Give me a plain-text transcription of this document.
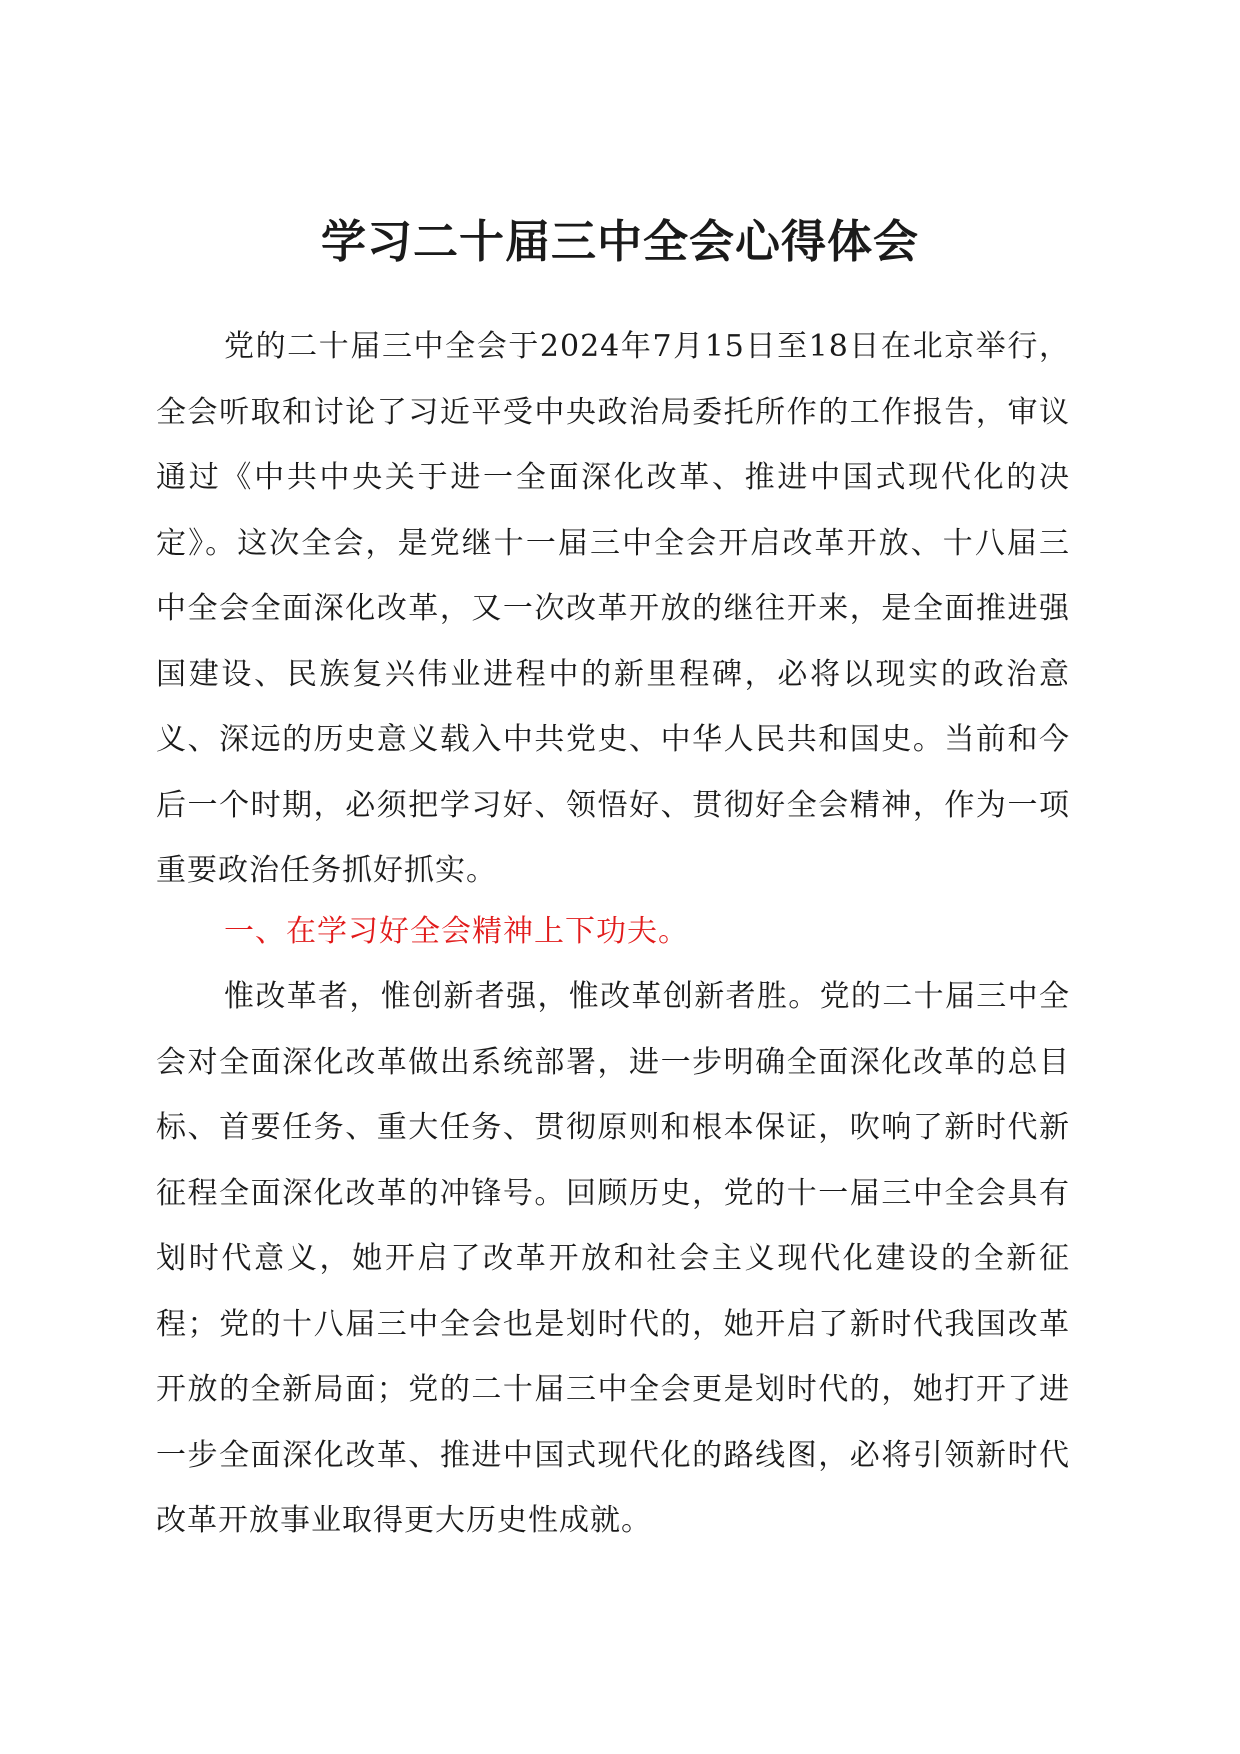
学习二十届三中全会心得体会

党的二十届三中全会于2024年7月15日至18日在北京举行，全会听取和讨论了习近平受中央政治局委托所作的工作报告，审议通过《中共中央关于进一全面深化改革、推进中国式现代化的决定》。这次全会，是党继十一届三中全会开启改革开放、十八届三中全会全面深化改革，又一次改革开放的继往开来，是全面推进强国建设、民族复兴伟业进程中的新里程碑，必将以现实的政治意义、深远的历史意义载入中共党史、中华人民共和国史。当前和今后一个时期，必须把学习好、领悟好、贯彻好全会精神，作为一项重要政治任务抓好抓实。

一、在学习好全会精神上下功夫。

惟改革者，惟创新者强，惟改革创新者胜。党的二十届三中全会对全面深化改革做出系统部署，进一步明确全面深化改革的总目标、首要任务、重大任务、贯彻原则和根本保证，吹响了新时代新征程全面深化改革的冲锋号。回顾历史，党的十一届三中全会具有划时代意义，她开启了改革开放和社会主义现代化建设的全新征程；党的十八届三中全会也是划时代的，她开启了新时代我国改革开放的全新局面；党的二十届三中全会更是划时代的，她打开了进一步全面深化改革、推进中国式现代化的路线图，必将引领新时代改革开放事业取得更大历史性成就。
